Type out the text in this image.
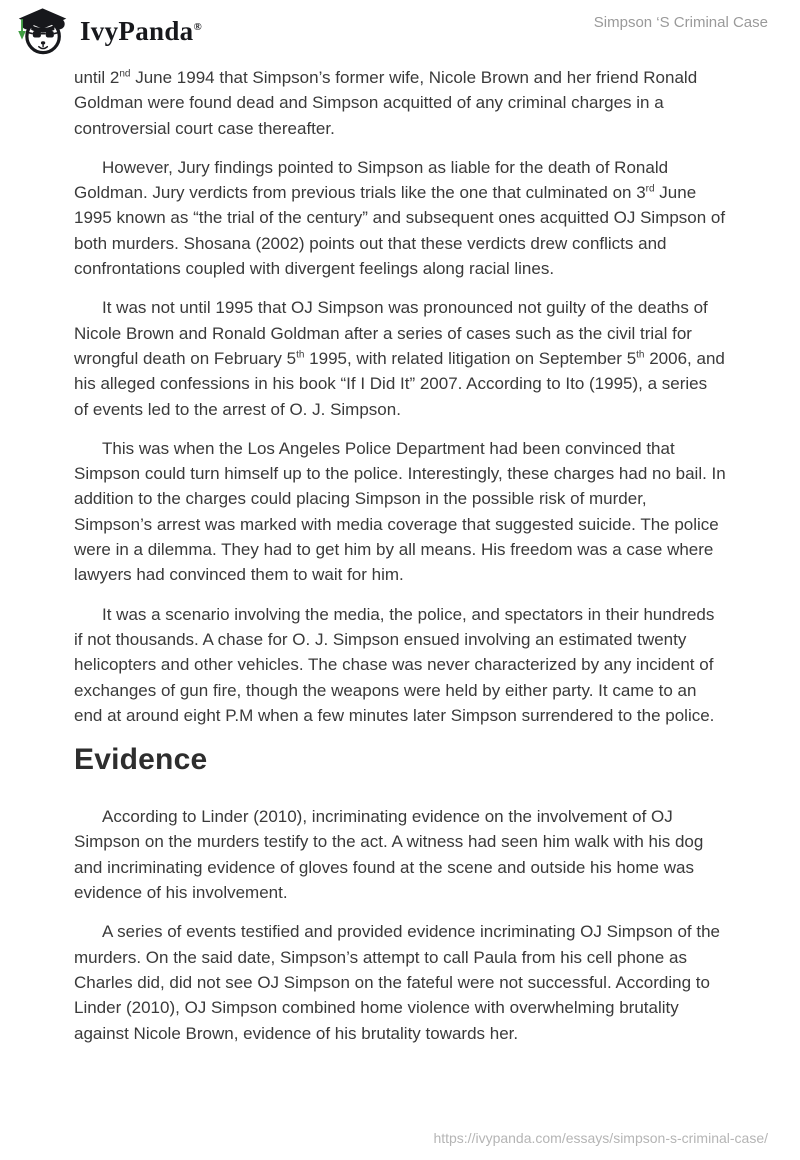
IvyPanda®	Simpson ‘S Criminal Case

until 2nd June 1994 that Simpson’s former wife, Nicole Brown and her friend Ronald Goldman were found dead and Simpson acquitted of any criminal charges in a controversial court case thereafter.

However, Jury findings pointed to Simpson as liable for the death of Ronald Goldman. Jury verdicts from previous trials like the one that culminated on 3rd June 1995 known as “the trial of the century” and subsequent ones acquitted OJ Simpson of both murders. Shosana (2002) points out that these verdicts drew conflicts and confrontations coupled with divergent feelings along racial lines.

It was not until 1995 that OJ Simpson was pronounced not guilty of the deaths of Nicole Brown and Ronald Goldman after a series of cases such as the civil trial for wrongful death on February 5th 1995, with related litigation on September 5th 2006, and his alleged confessions in his book “If I Did It” 2007. According to Ito (1995), a series of events led to the arrest of O. J. Simpson.

This was when the Los Angeles Police Department had been convinced that Simpson could turn himself up to the police. Interestingly, these charges had no bail. In addition to the charges could placing Simpson in the possible risk of murder, Simpson’s arrest was marked with media coverage that suggested suicide. The police were in a dilemma. They had to get him by all means. His freedom was a case where lawyers had convinced them to wait for him.

It was a scenario involving the media, the police, and spectators in their hundreds if not thousands. A chase for O. J. Simpson ensued involving an estimated twenty helicopters and other vehicles. The chase was never characterized by any incident of exchanges of gun fire, though the weapons were held by either party. It came to an end at around eight P.M when a few minutes later Simpson surrendered to the police.

Evidence

According to Linder (2010), incriminating evidence on the involvement of OJ Simpson on the murders testify to the act. A witness had seen him walk with his dog and incriminating evidence of gloves found at the scene and outside his home was evidence of his involvement.

A series of events testified and provided evidence incriminating OJ Simpson of the murders. On the said date, Simpson’s attempt to call Paula from his cell phone as Charles did, did not see OJ Simpson on the fateful were not successful. According to Linder (2010), OJ Simpson combined home violence with overwhelming brutality against Nicole Brown, evidence of his brutality towards her.

https://ivypanda.com/essays/simpson-s-criminal-case/
